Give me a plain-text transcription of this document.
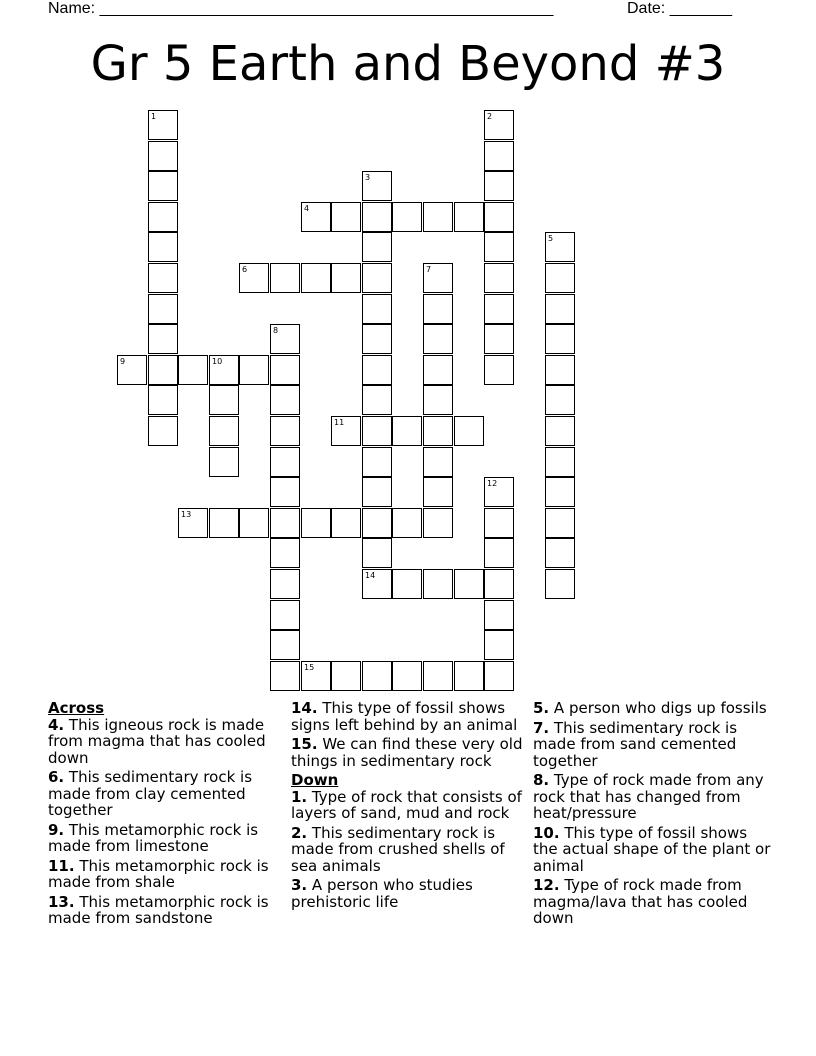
Name: ___________________________________________________	Date: _______
Gr 5 Earth and Beyond #3
1	2
3
4
5
6	7
8
9	10
11
12
13
14
15
Across
4. This igneous rock is made from magma that has cooled down
6. This sedimentary rock is made from clay cemented together
9. This metamorphic rock is made from limestone
11. This metamorphic rock is made from shale
13. This metamorphic rock is made from sandstone
14. This type of fossil shows signs left behind by an animal
15. We can find these very old things in sedimentary rock
Down
1. Type of rock that consists of layers of sand, mud and rock
2. This sedimentary rock is made from crushed shells of sea animals
3. A person who studies prehistoric life
5. A person who digs up fossils
7. This sedimentary rock is made from sand cemented together
8. Type of rock made from any rock that has changed from heat/pressure
10. This type of fossil shows the actual shape of the plant or animal
12. Type of rock made from magma/lava that has cooled down
